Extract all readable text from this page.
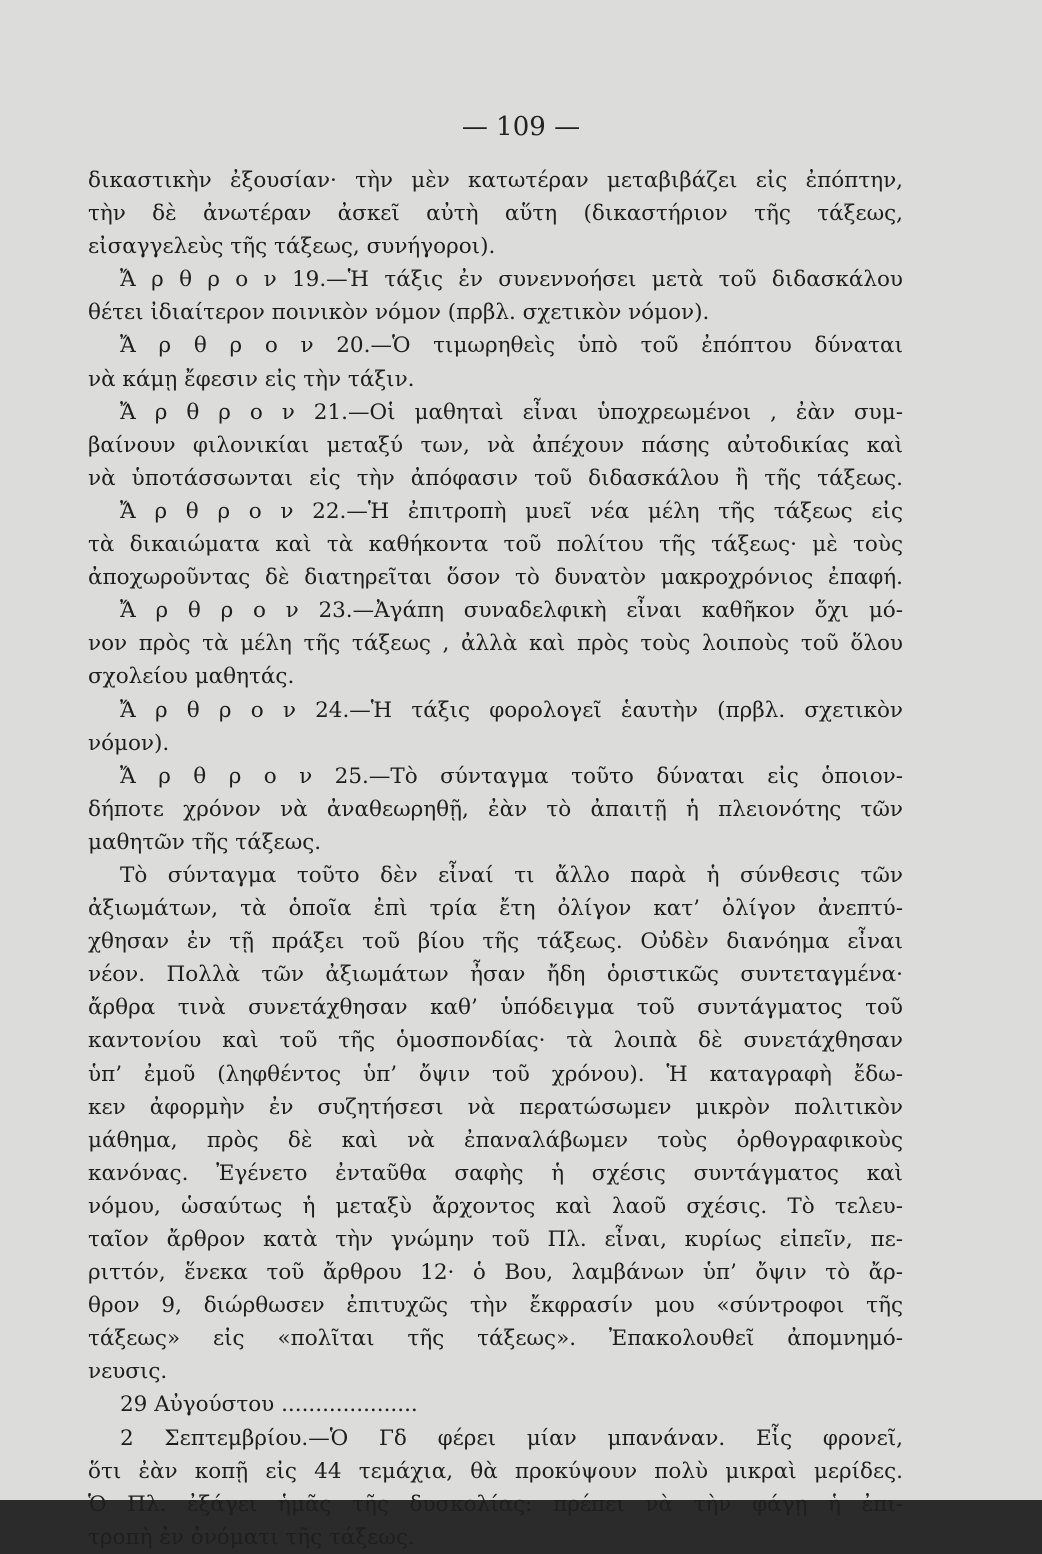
— 109 —
δικαστικὴν ἐξουσίαν· τὴν μὲν κατωτέραν μεταβιβάζει εἰς ἐπόπτην,
τὴν δὲ ἀνωτέραν ἀσκεῖ αὐτὴ αὕτη (δικαστήριον τῆς τάξεως,
εἰσαγγελεὺς τῆς τάξεως, συνήγοροι).
Ἄ ρ θ ρ ο ν 19.—Ἡ τάξις ἐν συνεννοήσει μετὰ τοῦ διδασκάλου
θέτει ἰδιαίτερον ποινικὸν νόμον (πρβλ. σχετικὸν νόμον).
Ἄ ρ θ ρ ο ν 20.—Ὁ τιμωρηθεὶς ὑπὸ τοῦ ἐπόπτου δύναται
νὰ κάμῃ ἔφεσιν εἰς τὴν τάξιν.
Ἄ ρ θ ρ ο ν 21.—Οἱ μαθηταὶ εἶναι ὑποχρεωμένοι , ἐὰν συμ-
βαίνουν φιλονικίαι μεταξύ των, νὰ ἀπέχουν πάσης αὐτοδικίας καὶ
νὰ ὑποτάσσωνται εἰς τὴν ἀπόφασιν τοῦ διδασκάλου ἢ τῆς τάξεως.
Ἄ ρ θ ρ ο ν 22.—Ἡ ἐπιτροπὴ μυεῖ νέα μέλη τῆς τάξεως εἰς
τὰ δικαιώματα καὶ τὰ καθήκοντα τοῦ πολίτου τῆς τάξεως· μὲ τοὺς
ἀποχωροῦντας δὲ διατηρεῖται ὅσον τὸ δυνατὸν μακροχρόνιος ἐπαφή.
Ἄ ρ θ ρ ο ν 23.—Ἀγάπη συναδελφικὴ εἶναι καθῆκον ὄχι μό-
νον πρὸς τὰ μέλη τῆς τάξεως , ἀλλὰ καὶ πρὸς τοὺς λοιποὺς τοῦ ὅλου
σχολείου μαθητάς.
Ἄ ρ θ ρ ο ν 24.—Ἡ τάξις φορολογεῖ ἑαυτὴν (πρβλ. σχετικὸν
νόμον).
Ἄ ρ θ ρ ο ν 25.—Τὸ σύνταγμα τοῦτο δύναται εἰς ὁποιον-
δήποτε χρόνον νὰ ἀναθεωρηθῇ, ἐὰν τὸ ἀπαιτῇ ἡ πλειονότης τῶν
μαθητῶν τῆς τάξεως.
Τὸ σύνταγμα τοῦτο δὲν εἶναί τι ἄλλο παρὰ ἡ σύνθεσις τῶν
ἀξιωμάτων, τὰ ὁποῖα ἐπὶ τρία ἔτη ὀλίγον κατ’ ὀλίγον ἀνεπτύ-
χθησαν ἐν τῇ πράξει τοῦ βίου τῆς τάξεως. Οὐδὲν διανόημα εἶναι
νέον. Πολλὰ τῶν ἀξιωμάτων ἦσαν ἤδη ὁριστικῶς συντεταγμένα·
ἄρθρα τινὰ συνετάχθησαν καθ’ ὑπόδειγμα τοῦ συντάγματος τοῦ
καντονίου καὶ τοῦ τῆς ὁμοσπονδίας· τὰ λοιπὰ δὲ συνετάχθησαν
ὑπ’ ἐμοῦ (ληφθέντος ὑπ’ ὄψιν τοῦ χρόνου). Ἡ καταγραφὴ ἔδω-
κεν ἀφορμὴν ἐν συζητήσεσι νὰ περατώσωμεν μικρὸν πολιτικὸν
μάθημα, πρὸς δὲ καὶ νὰ ἐπαναλάβωμεν τοὺς ὀρθογραφικοὺς
κανόνας. Ἐγένετο ἐνταῦθα σαφὴς ἡ σχέσις συντάγματος καὶ
νόμου, ὡσαύτως ἡ μεταξὺ ἄρχοντος καὶ λαοῦ σχέσις. Τὸ τελευ-
ταῖον ἄρθρον κατὰ τὴν γνώμην τοῦ Πλ. εἶναι, κυρίως εἰπεῖν, πε-
ριττόν, ἕνεκα τοῦ ἄρθρου 12· ὁ Βου, λαμβάνων ὑπ’ ὄψιν τὸ ἄρ-
θρον 9, διώρθωσεν ἐπιτυχῶς τὴν ἔκφρασίν μου «σύντροφοι τῆς
τάξεως» εἰς «πολῖται τῆς τάξεως». Ἐπακολουθεῖ ἀπομνημό-
νευσις.
29 Αὐγούστου ....................
2 Σεπτεμβρίου.—Ὁ Γδ φέρει μίαν μπανάναν. Εἷς φρονεῖ,
ὅτι ἐὰν κοπῇ εἰς 44 τεμάχια, θὰ προκύψουν πολὺ μικραὶ μερίδες.
Ὁ Πλ. ἐξάγει ἡμᾶς τῆς δυσκολίας: πρέπει νὰ τὴν φάγῃ ἡ ἐπι-
τροπὴ ἐν ὀνόματι τῆς τάξεως.
